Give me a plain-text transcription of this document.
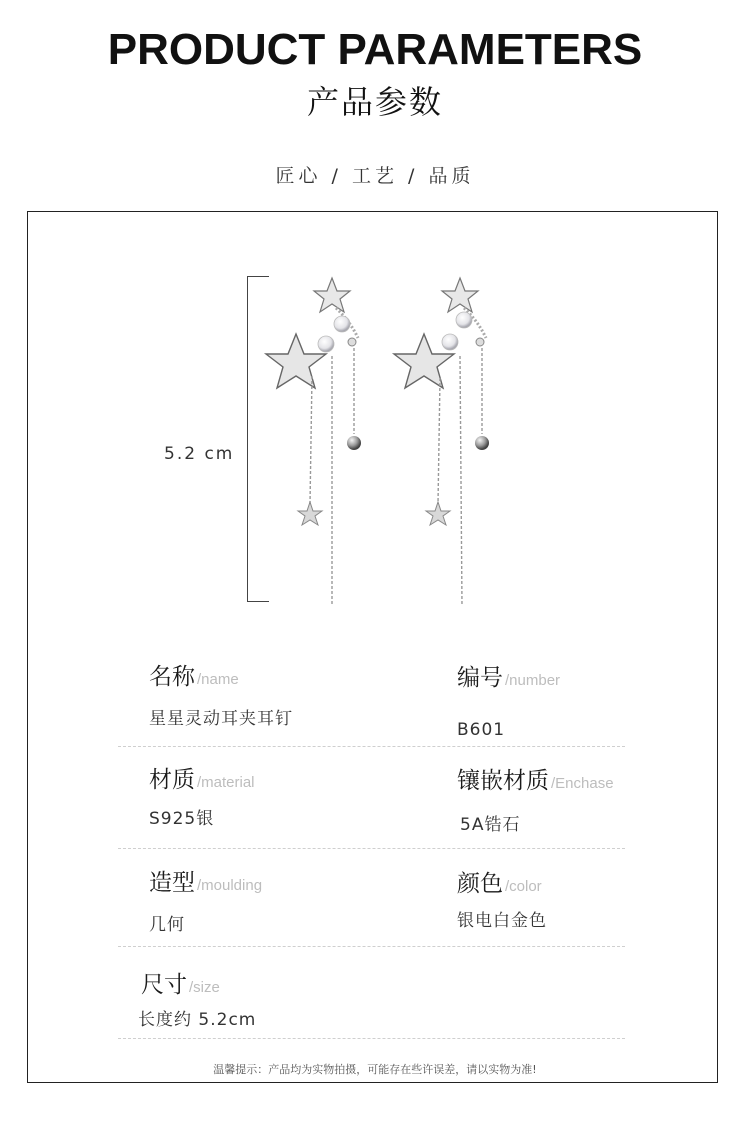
PRODUCT PARAMETERS
产品参数
匠心 / 工艺 / 品质
5.2 cm
名称 /name
星星灵动耳夹耳钉
编号 /number
B601
材质 /material
S925银
镶嵌材质 /Enchase
5A锆石
造型 /moulding
几何
颜色 /color
银电白金色
尺寸 /size
长度约 5.2cm
温馨提示：产品均为实物拍摄，可能存在些许误差，请以实物为准!
